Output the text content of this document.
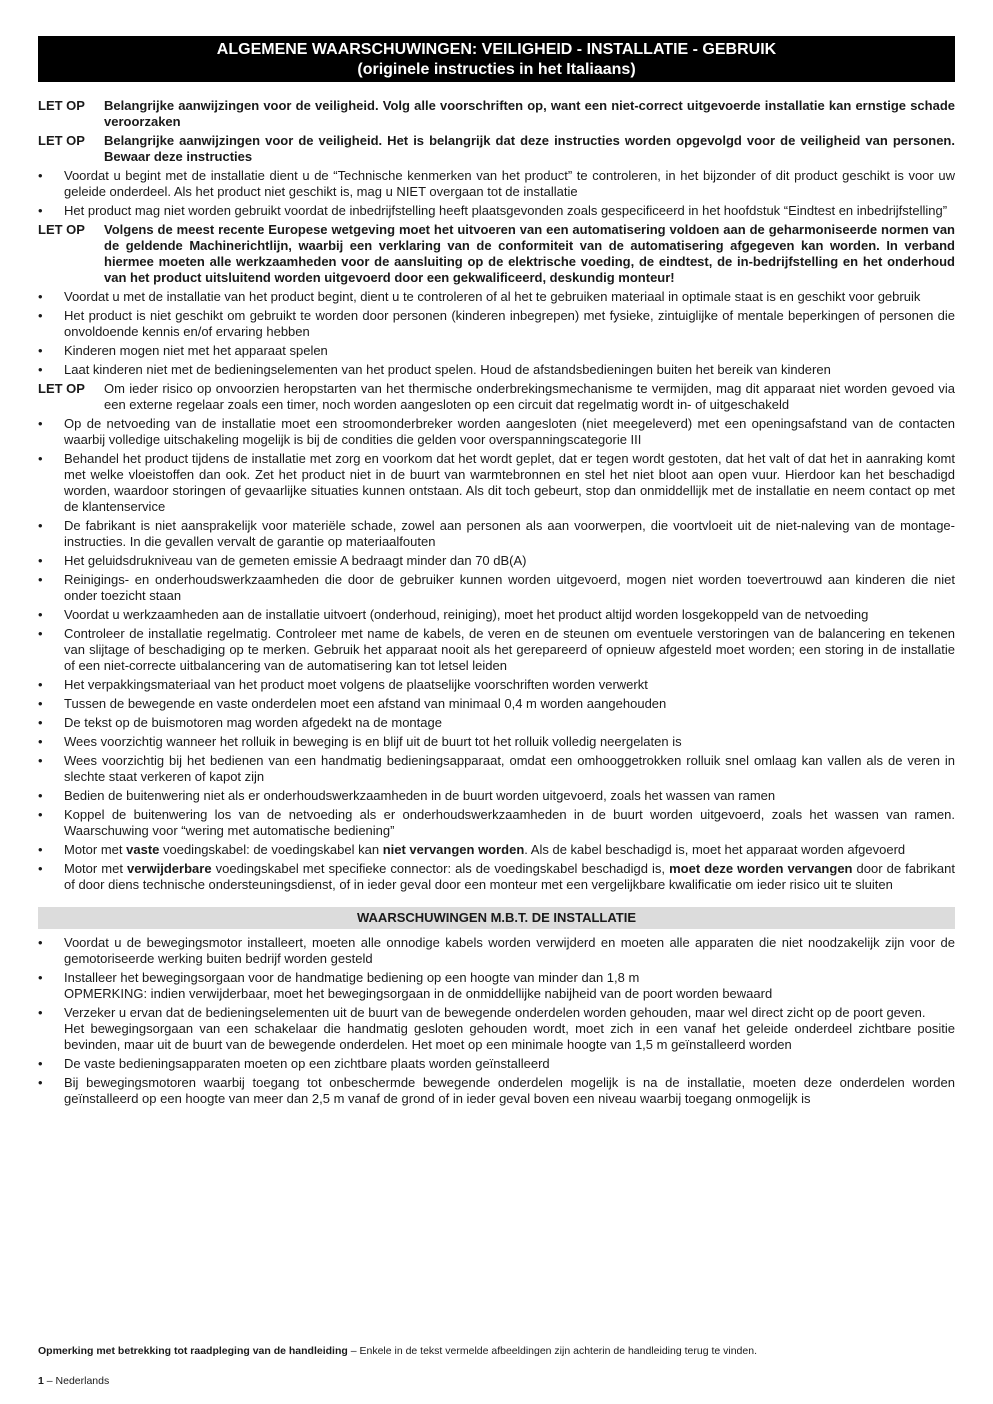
ALGEMENE WAARSCHUWINGEN: VEILIGHEID - INSTALLATIE - GEBRUIK
(originele instructies in het Italiaans)
LET OP Belangrijke aanwijzingen voor de veiligheid. Volg alle voorschriften op, want een niet-correct uitgevoerde installatie kan ernstige schade veroorzaken
LET OP Belangrijke aanwijzingen voor de veiligheid. Het is belangrijk dat deze instructies worden opgevolgd voor de veiligheid van personen. Bewaar deze instructies
• Voordat u begint met de installatie dient u de “Technische kenmerken van het product” te controleren, in het bijzonder of dit product geschikt is voor uw geleide onderdeel. Als het product niet geschikt is, mag u NIET overgaan tot de installatie
• Het product mag niet worden gebruikt voordat de inbedrijfstelling heeft plaatsgevonden zoals gespecificeerd in het hoofdstuk “Eindtest en inbedrijfstelling”
LET OP Volgens de meest recente Europese wetgeving moet het uitvoeren van een automatisering voldoen aan de geharmoniseerde normen van de geldende Machinerichtlijn, waarbij een verklaring van de conformiteit van de automatisering afgegeven kan worden. In verband hiermee moeten alle werkzaamheden voor de aansluiting op de elektrische voeding, de eindtest, de in-bedrijfstelling en het onderhoud van het product uitsluitend worden uitgevoerd door een gekwalificeerd, deskundig monteur!
• Voordat u met de installatie van het product begint, dient u te controleren of al het te gebruiken materiaal in optimale staat is en geschikt voor gebruik
• Het product is niet geschikt om gebruikt te worden door personen (kinderen inbegrepen) met fysieke, zintuiglijke of mentale beperkingen of personen die onvoldoende kennis en/of ervaring hebben
• Kinderen mogen niet met het apparaat spelen
• Laat kinderen niet met de bedieningselementen van het product spelen. Houd de afstandsbedieningen buiten het bereik van kinderen
LET OP Om ieder risico op onvoorzien heropstarten van het thermische onderbrekingsmechanisme te vermijden, mag dit apparaat niet worden gevoed via een externe regelaar zoals een timer, noch worden aangesloten op een circuit dat regelmatig wordt in- of uitgeschakeld
• Op de netvoeding van de installatie moet een stroomonderbreker worden aangesloten (niet meegeleverd) met een openingsafstand van de contacten waarbij volledige uitschakeling mogelijk is bij de condities die gelden voor overspanningscategorie III
• Behandel het product tijdens de installatie met zorg en voorkom dat het wordt geplet, dat er tegen wordt gestoten, dat het valt of dat het in aanraking komt met welke vloeistoffen dan ook. Zet het product niet in de buurt van warmtebronnen en stel het niet bloot aan open vuur. Hierdoor kan het beschadigd worden, waardoor storingen of gevaarlijke situaties kunnen ontstaan. Als dit toch gebeurt, stop dan onmiddellijk met de installatie en neem contact op met de klantenservice
• De fabrikant is niet aansprakelijk voor materiële schade, zowel aan personen als aan voorwerpen, die voortvloeit uit de niet-naleving van de montage-instructies. In die gevallen vervalt de garantie op materiaalfouten
• Het geluidsdrukniveau van de gemeten emissie A bedraagt minder dan 70 dB(A)
• Reinigings- en onderhoudswerkzaamheden die door de gebruiker kunnen worden uitgevoerd, mogen niet worden toevertrouwd aan kinderen die niet onder toezicht staan
• Voordat u werkzaamheden aan de installatie uitvoert (onderhoud, reiniging), moet het product altijd worden losgekoppeld van de netvoeding
• Controleer de installatie regelmatig. Controleer met name de kabels, de veren en de steunen om eventuele verstoringen van de balancering en tekenen van slijtage of beschadiging op te merken. Gebruik het apparaat nooit als het gerepareerd of opnieuw afgesteld moet worden; een storing in de installatie of een niet-correcte uitbalancering van de automatisering kan tot letsel leiden
• Het verpakkingsmateriaal van het product moet volgens de plaatselijke voorschriften worden verwerkt
• Tussen de bewegende en vaste onderdelen moet een afstand van minimaal 0,4 m worden aangehouden
• De tekst op de buismotoren mag worden afgedekt na de montage
• Wees voorzichtig wanneer het rolluik in beweging is en blijf uit de buurt tot het rolluik volledig neergelaten is
• Wees voorzichtig bij het bedienen van een handmatig bedieningsapparaat, omdat een omhooggetrokken rolluik snel omlaag kan vallen als de veren in slechte staat verkeren of kapot zijn
• Bedien de buitenwering niet als er onderhoudswerkzaamheden in de buurt worden uitgevoerd, zoals het wassen van ramen
• Koppel de buitenwering los van de netvoeding als er onderhoudswerkzaamheden in de buurt worden uitgevoerd, zoals het wassen van ramen. Waarschuwing voor “wering met automatische bediening”
• Motor met vaste voedingskabel: de voedingskabel kan niet vervangen worden. Als de kabel beschadigd is, moet het apparaat worden afgevoerd
• Motor met verwijderbare voedingskabel met specifieke connector: als de voedingskabel beschadigd is, moet deze worden vervangen door de fabrikant of door diens technische ondersteuningsdienst, of in ieder geval door een monteur met een vergelijkbare kwalificatie om ieder risico uit te sluiten
WAARSCHUWINGEN M.B.T. DE INSTALLATIE
• Voordat u de bewegingsmotor installeert, moeten alle onnodige kabels worden verwijderd en moeten alle apparaten die niet noodzakelijk zijn voor de gemotoriseerde werking buiten bedrijf worden gesteld
• Installeer het bewegingsorgaan voor de handmatige bediening op een hoogte van minder dan 1,8 m
OPMERKING: indien verwijderbaar, moet het bewegingsorgaan in de onmiddellijke nabijheid van de poort worden bewaard
• Verzeker u ervan dat de bedieningselementen uit de buurt van de bewegende onderdelen worden gehouden, maar wel direct zicht op de poort geven.
Het bewegingsorgaan van een schakelaar die handmatig gesloten gehouden wordt, moet zich in een vanaf het geleide onderdeel zichtbare positie bevinden, maar uit de buurt van de bewegende onderdelen. Het moet op een minimale hoogte van 1,5 m geïnstalleerd worden
• De vaste bedieningsapparaten moeten op een zichtbare plaats worden geïnstalleerd
• Bij bewegingsmotoren waarbij toegang tot onbeschermde bewegende onderdelen mogelijk is na de installatie, moeten deze onderdelen worden geïnstalleerd op een hoogte van meer dan 2,5 m vanaf de grond of in ieder geval boven een niveau waarbij toegang onmogelijk is
Opmerking met betrekking tot raadpleging van de handleiding – Enkele in de tekst vermelde afbeeldingen zijn achterin de handleiding terug te vinden.
1 – Nederlands
